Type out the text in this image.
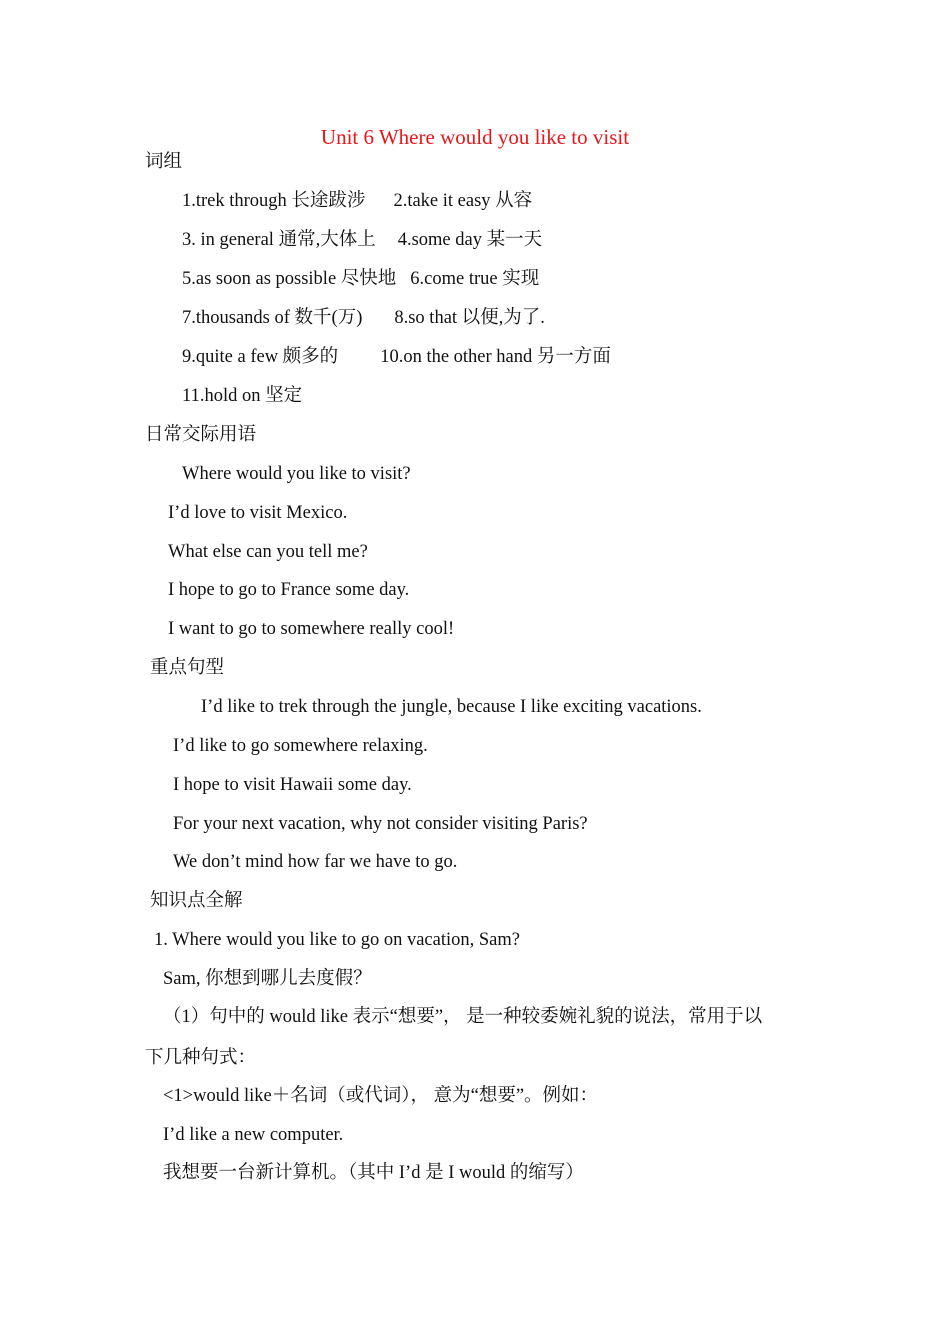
Unit 6 Where would you like to visit
词组
1.trek through 长途跋涉 2.take it easy 从容
3. in general 通常,大体上 4.some day 某一天
5.as soon as possible 尽快地 6.come true 实现
7.thousands of 数千(万) 8.so that 以便,为了.
9.quite a few 颇多的 10.on the other hand 另一方面
11.hold on 坚定
日常交际用语
Where would you like to visit?
I’d love to visit Mexico.
What else can you tell me?
I hope to go to France some day.
I want to go to somewhere really cool!
重点句型
I’d like to trek through the jungle, because I like exciting vacations.
I’d like to go somewhere relaxing.
I hope to visit Hawaii some day.
For your next vacation, why not consider visiting Paris?
We don’t mind how far we have to go.
知识点全解
1. Where would you like to go on vacation, Sam?
Sam, 你想到哪儿去度假？
（1）句中的 would like 表示“想要”， 是一种较委婉礼貌的说法，常用于以
下几种句式：
<1>would like＋名词（或代词）， 意为“想要”。例如：
I’d like a new computer.
我想要一台新计算机。（其中 I’d 是 I would 的缩写）
